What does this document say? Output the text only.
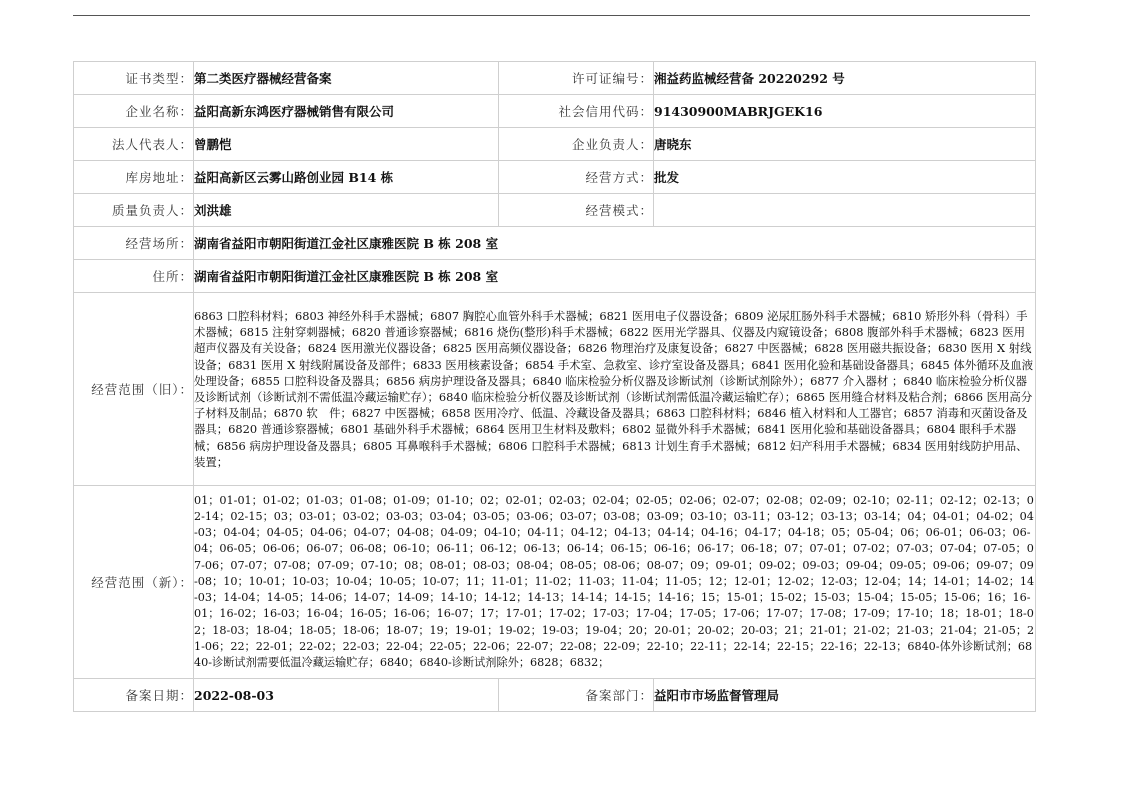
证书类型：	第二类医疗器械经营备案	许可证编号：	湘益药监械经营备 20220292 号
企业名称：	益阳高新东鸿医疗器械销售有限公司	社会信用代码：	91430900MABRJGEK16
法人代表人：	曾鹏恺	企业负责人：	唐晓东
库房地址：	益阳高新区云雾山路创业园 B14 栋	经营方式：	批发
质量负责人：	刘洪雄	经营模式：	
经营场所：	湖南省益阳市朝阳街道江金社区康雅医院 B 栋 208 室		
住所：	湖南省益阳市朝阳街道江金社区康雅医院 B 栋 208 室		
经营范围（旧）：	6863 口腔科材料；6803 神经外科手术器械；6807 胸腔心血管外科手术器械；6821 医用电子仪器设备；6809 泌尿肛肠外科手术器械；6810 矫形外科（骨科）手术器械；6815 注射穿刺器械；6820 普通诊察器械；6816 烧伤(整形)科手术器械；6822 医用光学器具、仪器及内窥镜设备；6808 腹部外科手术器械；6823 医用超声仪器及有关设备；6824 医用激光仪器设备；6825 医用高频仪器设备；6826 物理治疗及康复设备；6827 中医器械；6828 医用磁共振设备；6830 医用 X 射线设备；6831 医用 X 射线附属设备及部件；6833 医用核素设备；6854 手术室、急救室、诊疗室设备及器具；6841 医用化验和基础设备器具；6845 体外循环及血液处理设备；6855 口腔科设备及器具；6856 病房护理设备及器具；6840 临床检验分析仪器及诊断试剂（诊断试剂除外）；6877 介入器材 ；6840 临床检验分析仪器及诊断试剂（诊断试剂不需低温冷藏运输贮存）；6840 临床检验分析仪器及诊断试剂（诊断试剂需低温冷藏运输贮存）；6865 医用缝合材料及粘合剂；6866 医用高分子材料及制品；6870 软　件；6827 中医器械；6858 医用冷疗、低温、冷藏设备及器具；6863 口腔科材料；6846 植入材料和人工器官；6857 消毒和灭菌设备及器具；6820 普通诊察器械；6801 基础外科手术器械；6864 医用卫生材料及敷料；6802 显微外科手术器械；6841 医用化验和基础设备器具；6804 眼科手术器械；6856 病房护理设备及器具；6805 耳鼻喉科手术器械；6806 口腔科手术器械；6813 计划生育手术器械；6812 妇产科用手术器械；6834 医用射线防护用品、装置；		
经营范围（新）：	01；01-01；01-02；01-03；01-08；01-09；01-10；02；02-01；02-03；02-04；02-05；02-06；02-07；02-08；02-09；02-10；02-11；02-12；02-13；02-14；02-15；03；03-01；03-02；03-03；03-04；03-05；03-06；03-07；03-08；03-09；03-10；03-11；03-12；03-13；03-14；04；04-01；04-02；04-03；04-04；04-05；04-06；04-07；04-08；04-09；04-10；04-11；04-12；04-13；04-14；04-16；04-17；04-18；05；05-04；06；06-01；06-03；06-04；06-05；06-06；06-07；06-08；06-10；06-11；06-12；06-13；06-14；06-15；06-16；06-17；06-18；07；07-01；07-02；07-03；07-04；07-05；07-06；07-07；07-08；07-09；07-10；08；08-01；08-03；08-04；08-05；08-06；08-07；09；09-01；09-02；09-03；09-04；09-05；09-06；09-07；09-08；10；10-01；10-03；10-04；10-05；10-07；11；11-01；11-02；11-03；11-04；11-05；12；12-01；12-02；12-03；12-04；14；14-01；14-02；14-03；14-04；14-05；14-06；14-07；14-09；14-10；14-12；14-13；14-14；14-15；14-16；15；15-01；15-02；15-03；15-04；15-05；15-06；16；16-01；16-02；16-03；16-04；16-05；16-06；16-07；17；17-01；17-02；17-03；17-04；17-05；17-06；17-07；17-08；17-09；17-10；18；18-01；18-02；18-03；18-04；18-05；18-06；18-07；19；19-01；19-02；19-03；19-04；20；20-01；20-02；20-03；21；21-01；21-02；21-03；21-04；21-05；21-06；22；22-01；22-02；22-03；22-04；22-05；22-06；22-07；22-08；22-09；22-10；22-11；22-14；22-15；22-16；22-13；6840-体外诊断试剂；6840-诊断试剂需要低温冷藏运输贮存；6840；6840-诊断试剂除外；6828；6832；		
备案日期：	2022-08-03	备案部门：	益阳市市场监督管理局
